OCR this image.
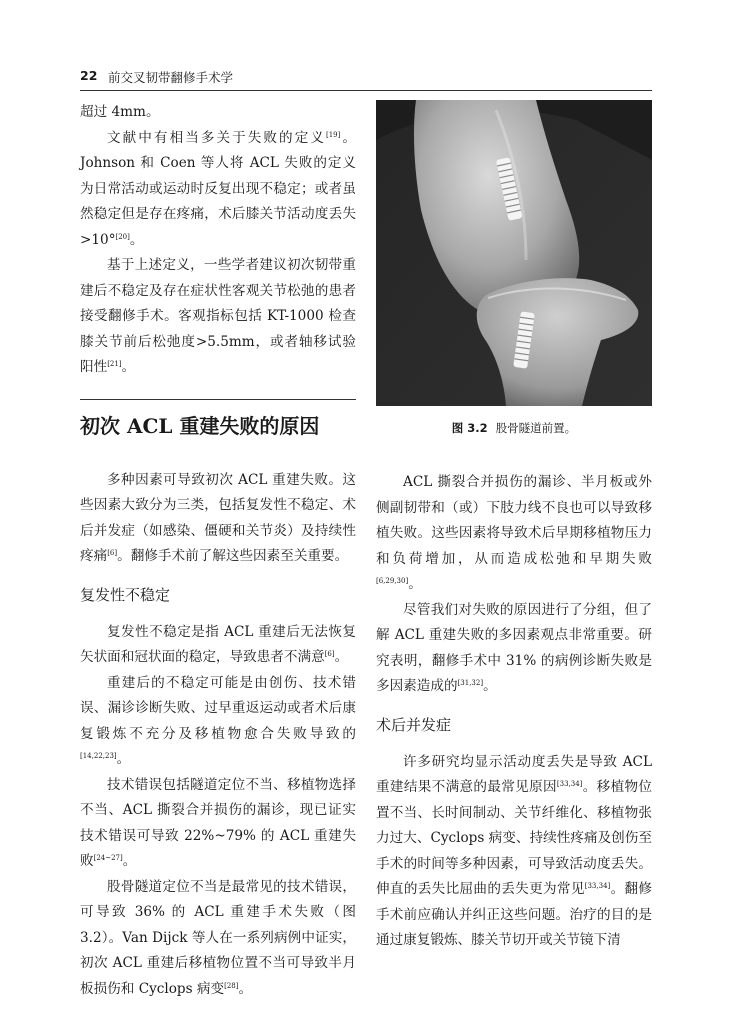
22 前交叉韧带翻修手术学

超过 4mm。

文献中有相当多关于失败的定义[19]。Johnson 和 Coen 等人将 ACL 失败的定义为日常活动或运动时反复出现不稳定；或者虽然稳定但是存在疼痛，术后膝关节活动度丢失>10°[20]。

基于上述定义，一些学者建议初次韧带重建后不稳定及存在症状性客观关节松弛的患者接受翻修手术。客观指标包括 KT-1000 检查膝关节前后松弛度>5.5mm，或者轴移试验阳性[21]。

初次 ACL 重建失败的原因

多种因素可导致初次 ACL 重建失败。这些因素大致分为三类，包括复发性不稳定、术后并发症（如感染、僵硬和关节炎）及持续性疼痛[6]。翻修手术前了解这些因素至关重要。

复发性不稳定

复发性不稳定是指 ACL 重建后无法恢复矢状面和冠状面的稳定，导致患者不满意[6]。

重建后的不稳定可能是由创伤、技术错误、漏诊诊断失败、过早重返运动或者术后康复锻炼不充分及移植物愈合失败导致的[14,22,23]。

技术错误包括隧道定位不当、移植物选择不当、ACL 撕裂合并损伤的漏诊，现已证实技术错误可导致 22%~79% 的 ACL 重建失败[24~27]。

股骨隧道定位不当是最常见的技术错误，可导致 36% 的 ACL 重建手术失败（图 3.2）。Van Dijck 等人在一系列病例中证实，初次 ACL 重建后移植物位置不当可导致半月板损伤和 Cyclops 病变[28]。

图 3.2 股骨隧道前置。

ACL 撕裂合并损伤的漏诊、半月板或外侧副韧带和（或）下肢力线不良也可以导致移植失败。这些因素将导致术后早期移植物压力和负荷增加，从而造成松弛和早期失败[6,29,30]。

尽管我们对失败的原因进行了分组，但了解 ACL 重建失败的多因素观点非常重要。研究表明，翻修手术中 31% 的病例诊断失败是多因素造成的[31,32]。

术后并发症

许多研究均显示活动度丢失是导致 ACL 重建结果不满意的最常见原因[33,34]。移植物位置不当、长时间制动、关节纤维化、移植物张力过大、Cyclops 病变、持续性疼痛及创伤至手术的时间等多种因素，可导致活动度丢失。伸直的丢失比屈曲的丢失更为常见[33,34]。翻修手术前应确认并纠正这些问题。治疗的目的是通过康复锻炼、膝关节切开或关节镜下清
